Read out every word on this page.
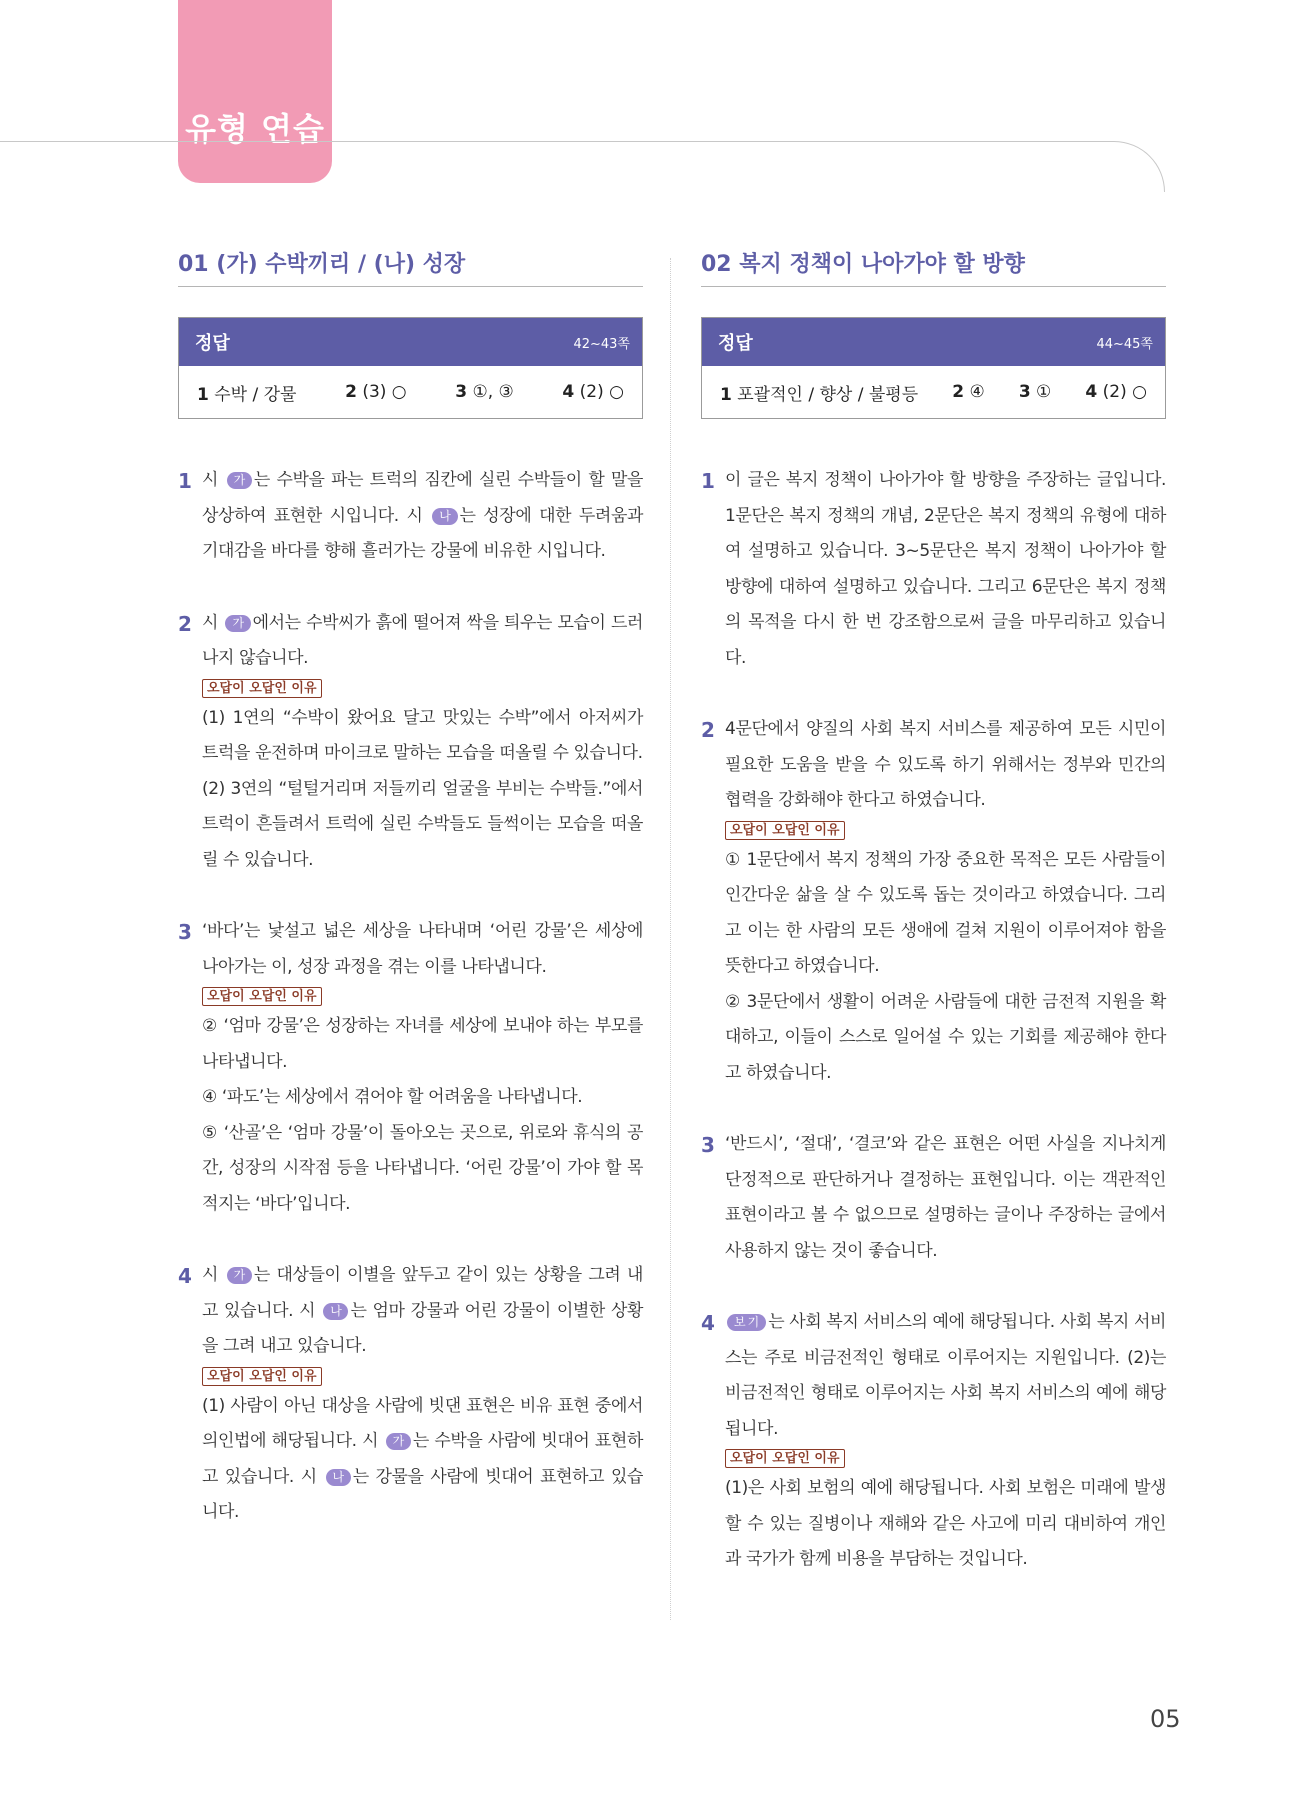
유형 연습
01 (가) 수박끼리 / (나) 성장
정답	42~43쪽
1 수박 / 강물	2 (3) ○	3 ①, ③	4 (2) ○
1 시 가 는 수박을 파는 트럭의 짐칸에 실린 수박들이 할 말을 상상하여 표현한 시입니다. 시 나 는 성장에 대한 두려움과 기대감을 바다를 향해 흘러가는 강물에 비유한 시입니다.

2 시 가 에서는 수박씨가 흙에 떨어져 싹을 틔우는 모습이 드러나지 않습니다.

오답이 오답인 이유

(1) 1연의 “수박이 왔어요 달고 맛있는 수박”에서 아저씨가 트럭을 운전하며 마이크로 말하는 모습을 떠올릴 수 있습니다.

(2) 3연의 “털털거리며 저들끼리 얼굴을 부비는 수박들.”에서 트럭이 흔들려서 트럭에 실린 수박들도 들썩이는 모습을 떠올릴 수 있습니다.

3 ‘바다’는 낯설고 넓은 세상을 나타내며 ‘어린 강물’은 세상에 나아가는 이, 성장 과정을 겪는 이를 나타냅니다.

오답이 오답인 이유

② ‘엄마 강물’은 성장하는 자녀를 세상에 보내야 하는 부모를 나타냅니다.

④ ‘파도’는 세상에서 겪어야 할 어려움을 나타냅니다.

⑤ ‘산골’은 ‘엄마 강물’이 돌아오는 곳으로, 위로와 휴식의 공간, 성장의 시작점 등을 나타냅니다. ‘어린 강물’이 가야 할 목적지는 ‘바다’입니다.

4 시 가 는 대상들이 이별을 앞두고 같이 있는 상황을 그려 내고 있습니다. 시 나 는 엄마 강물과 어린 강물이 이별한 상황을 그려 내고 있습니다.

오답이 오답인 이유

(1) 사람이 아닌 대상을 사람에 빗댄 표현은 비유 표현 중에서 의인법에 해당됩니다. 시 가 는 수박을 사람에 빗대어 표현하고 있습니다. 시 나 는 강물을 사람에 빗대어 표현하고 있습니다.

02 복지 정책이 나아가야 할 방향
정답	44~45쪽
1 포괄적인 / 향상 / 불평등 2 ④ 3 ① 4 (2) ○
1 이 글은 복지 정책이 나아가야 할 방향을 주장하는 글입니다. 1문단은 복지 정책의 개념, 2문단은 복지 정책의 유형에 대하여 설명하고 있습니다. 3~5문단은 복지 정책이 나아가야 할 방향에 대하여 설명하고 있습니다. 그리고 6문단은 복지 정책의 목적을 다시 한 번 강조함으로써 글을 마무리하고 있습니다.

2 4문단에서 양질의 사회 복지 서비스를 제공하여 모든 시민이 필요한 도움을 받을 수 있도록 하기 위해서는 정부와 민간의 협력을 강화해야 한다고 하였습니다.

오답이 오답인 이유

① 1문단에서 복지 정책의 가장 중요한 목적은 모든 사람들이 인간다운 삶을 살 수 있도록 돕는 것이라고 하였습니다. 그리고 이는 한 사람의 모든 생애에 걸쳐 지원이 이루어져야 함을 뜻한다고 하였습니다.

② 3문단에서 생활이 어려운 사람들에 대한 금전적 지원을 확대하고, 이들이 스스로 일어설 수 있는 기회를 제공해야 한다고 하였습니다.

3 ‘반드시’, ‘절대’, ‘결코’와 같은 표현은 어떤 사실을 지나치게 단정적으로 판단하거나 결정하는 표현입니다. 이는 객관적인 표현이라고 볼 수 없으므로 설명하는 글이나 주장하는 글에서 사용하지 않는 것이 좋습니다.

4	보기 는 사회 복지 서비스의 예에 해당됩니다. 사회 복지 서비스는 주로 비금전적인 형태로 이루어지는 지원입니다. (2)는 비금전적인 형태로 이루어지는 사회 복지 서비스의 예에 해당됩니다.

오답이 오답인 이유

(1)은 사회 보험의 예에 해당됩니다. 사회 보험은 미래에 발생할 수 있는 질병이나 재해와 같은 사고에 미리 대비하여 개인과 국가가 함께 비용을 부담하는 것입니다.

05
